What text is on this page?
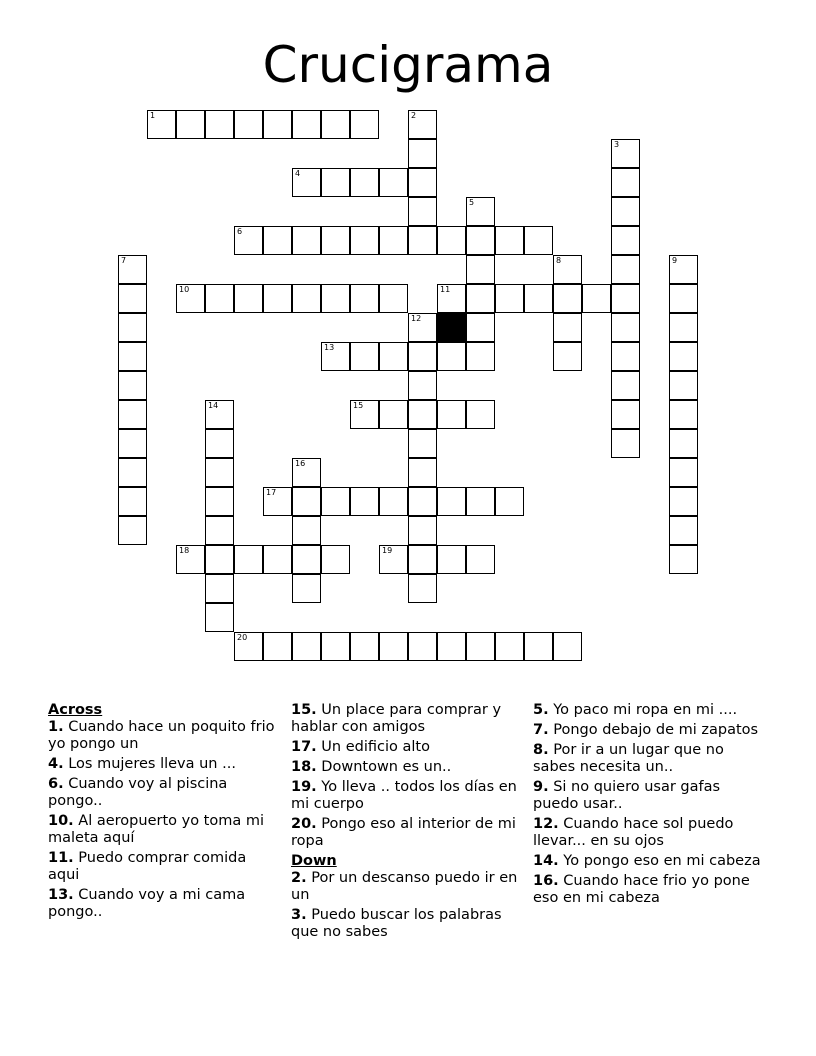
Crucigrama
1	2
3
4
5
6
7	8	9
10	11
12
13
14	15
16
17
18	19
20
Across
1. Cuando hace un poquito frio yo pongo un
4. Los mujeres lleva un ...
6. Cuando voy al piscina pongo..
10. Al aeropuerto yo toma mi maleta aquí
11. Puedo comprar comida aqui
13. Cuando voy a mi cama pongo..
15. Un place para comprar y hablar con amigos
17. Un edificio alto
18. Downtown es un..
19. Yo lleva .. todos los días en mi cuerpo
20. Pongo eso al interior de mi ropa
Down
2. Por un descanso puedo ir en un
3. Puedo buscar los palabras que no sabes
5. Yo paco mi ropa en mi ....
7. Pongo debajo de mi zapatos
8. Por ir a un lugar que no sabes necesita un..
9. Si no quiero usar gafas puedo usar..
12. Cuando hace sol puedo llevar... en su ojos
14. Yo pongo eso en mi cabeza
16. Cuando hace frio yo pone eso en mi cabeza
